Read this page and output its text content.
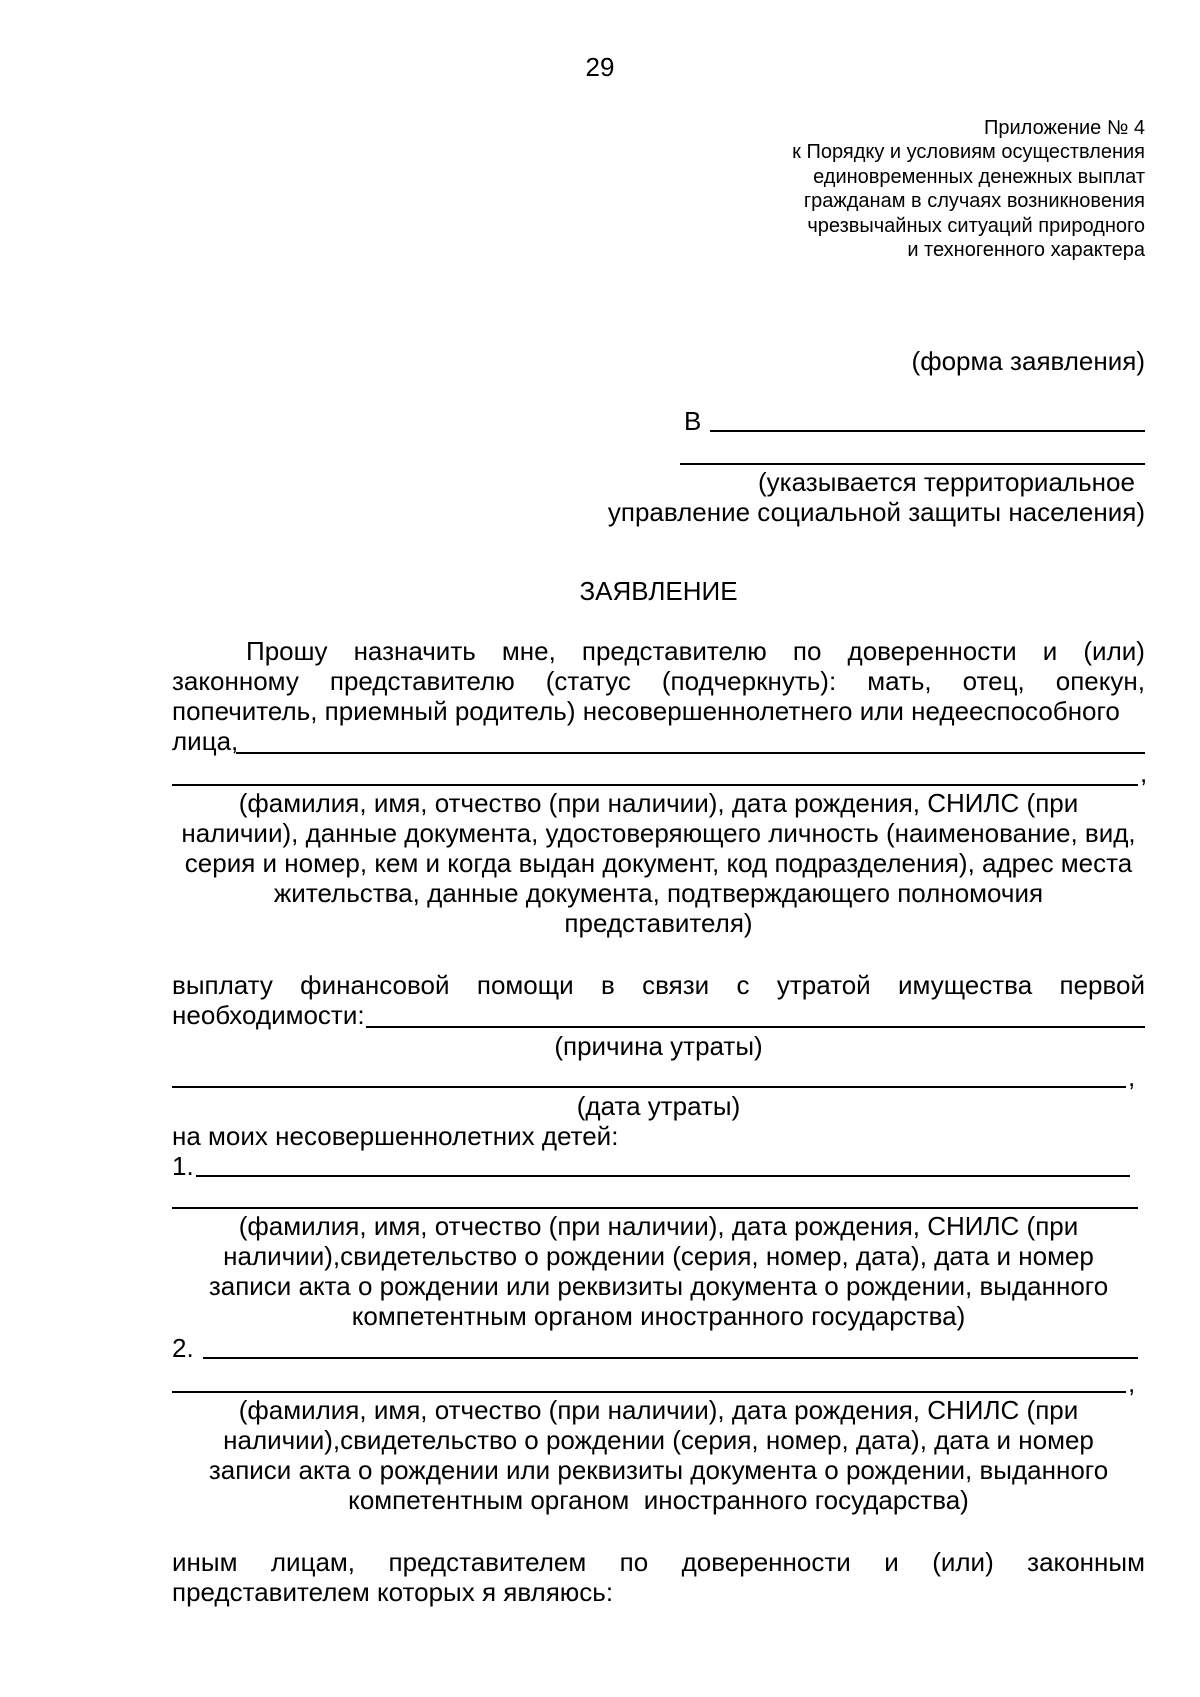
29
Приложение № 4
к Порядку и условиям осуществления
единовременных денежных выплат
гражданам в случаях возникновения
чрезвычайных ситуаций природного
и техногенного характера
(форма заявления)
В
(указывается территориальное
управление социальной защиты населения)
ЗАЯВЛЕНИЕ
Прошу назначить мне, представителю по доверенности и (или)
законному представителю (статус (подчеркнуть): мать, отец, опекун,
попечитель, приемный родитель) несовершеннолетнего или недееспособного
лица,
,
(фамилия, имя, отчество (при наличии), дата рождения, СНИЛС (при
наличии), данные документа, удостоверяющего личность (наименование, вид,
серия и номер, кем и когда выдан документ, код подразделения), адрес места
жительства, данные документа, подтверждающего полномочия
представителя)
выплату финансовой помощи в связи с утратой имущества первой
необходимости:
(причина утраты)
,
(дата утраты)
на моих несовершеннолетних детей:
1.
(фамилия, имя, отчество (при наличии), дата рождения, СНИЛС (при
наличии),свидетельство о рождении (серия, номер, дата), дата и номер
записи акта о рождении или реквизиты документа о рождении, выданного
компетентным органом иностранного государства)
2.
,
(фамилия, имя, отчество (при наличии), дата рождения, СНИЛС (при
наличии),свидетельство о рождении (серия, номер, дата), дата и номер
записи акта о рождении или реквизиты документа о рождении, выданного
компетентным органом  иностранного государства)
иным лицам, представителем по доверенности и (или) законным
представителем которых я являюсь:
